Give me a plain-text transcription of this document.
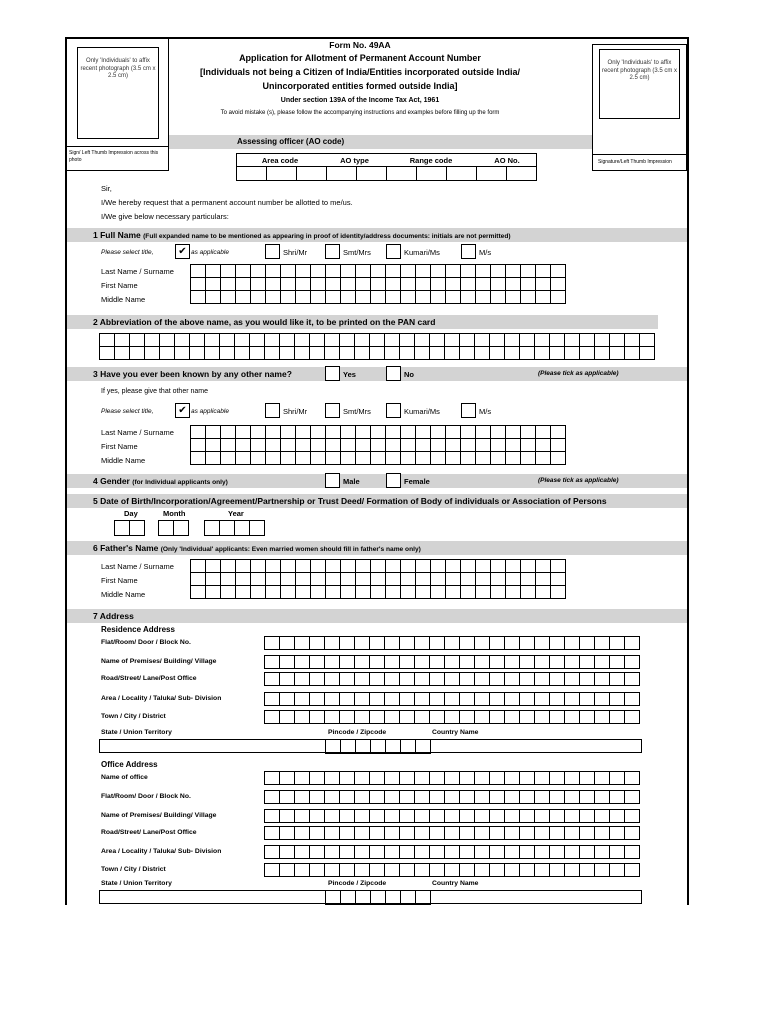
Form No. 49AA
Application for Allotment of Permanent Account Number
[Individuals not being a Citizen of India/Entities incorporated outside India/
Unincorporated entities formed outside India]
Under section 139A of the Income Tax Act, 1961
To avoid mistake (s), please follow the accompanying instructions and examples before filling up the form
Only 'Individuals' to affix recent photograph (3.5 cm x 2.5 cm)
Sign/ Left Thumb Impression across this photo
Only 'Individuals' to affix recent photograph (3.5 cm x 2.5 cm)
Signature/Left Thumb Impression
Assessing officer (AO code)
Area code	AO type	Range code	AO No.

Sir,
I/We hereby request that a permanent account number be allotted to me/us.
I/We give below necessary particulars:
1 Full Name (Full expanded name to be mentioned as appearing in proof of identity/address documents: initials are not permitted)
Please select title,	✔ as applicable	Shri/Mr	Smt/Mrs	Kumari/Ms	M/s
Last Name / Surname
First Name
Middle Name

2 Abbreviation of the above name, as you would like it, to be printed on the PAN card

3 Have you ever been known by any other name?	Yes	No	(Please tick as applicable)
If yes, please give that other name
Please select title,	✔ as applicable	Shri/Mr	Smt/Mrs	Kumari/Ms	M/s
Last Name / Surname
First Name
Middle Name

4 Gender (for Individual applicants only)	Male	Female	(Please tick as applicable)
5 Date of Birth/Incorporation/Agreement/Partnership or Trust Deed/ Formation of Body of individuals or Association of Persons
Day	Month	Year

6 Father's Name (Only 'Individual' applicants: Even married women should fill in father's name only)
Last Name / Surname
First Name
Middle Name

7 Address
Residence Address
Flat/Room/ Door / Block No.

Name of Premises/ Building/ Village

Road/Street/ Lane/Post Office

Area / Locality / Taluka/ Sub- Division

Town / City / District

State / Union Territory	Pincode / Zipcode	Country Name

Office Address
Name of office

Flat/Room/ Door / Block No.

Name of Premises/ Building/ Village

Road/Street/ Lane/Post Office

Area / Locality / Taluka/ Sub- Division

Town / City / District

State / Union Territory	Pincode / Zipcode	Country Name
